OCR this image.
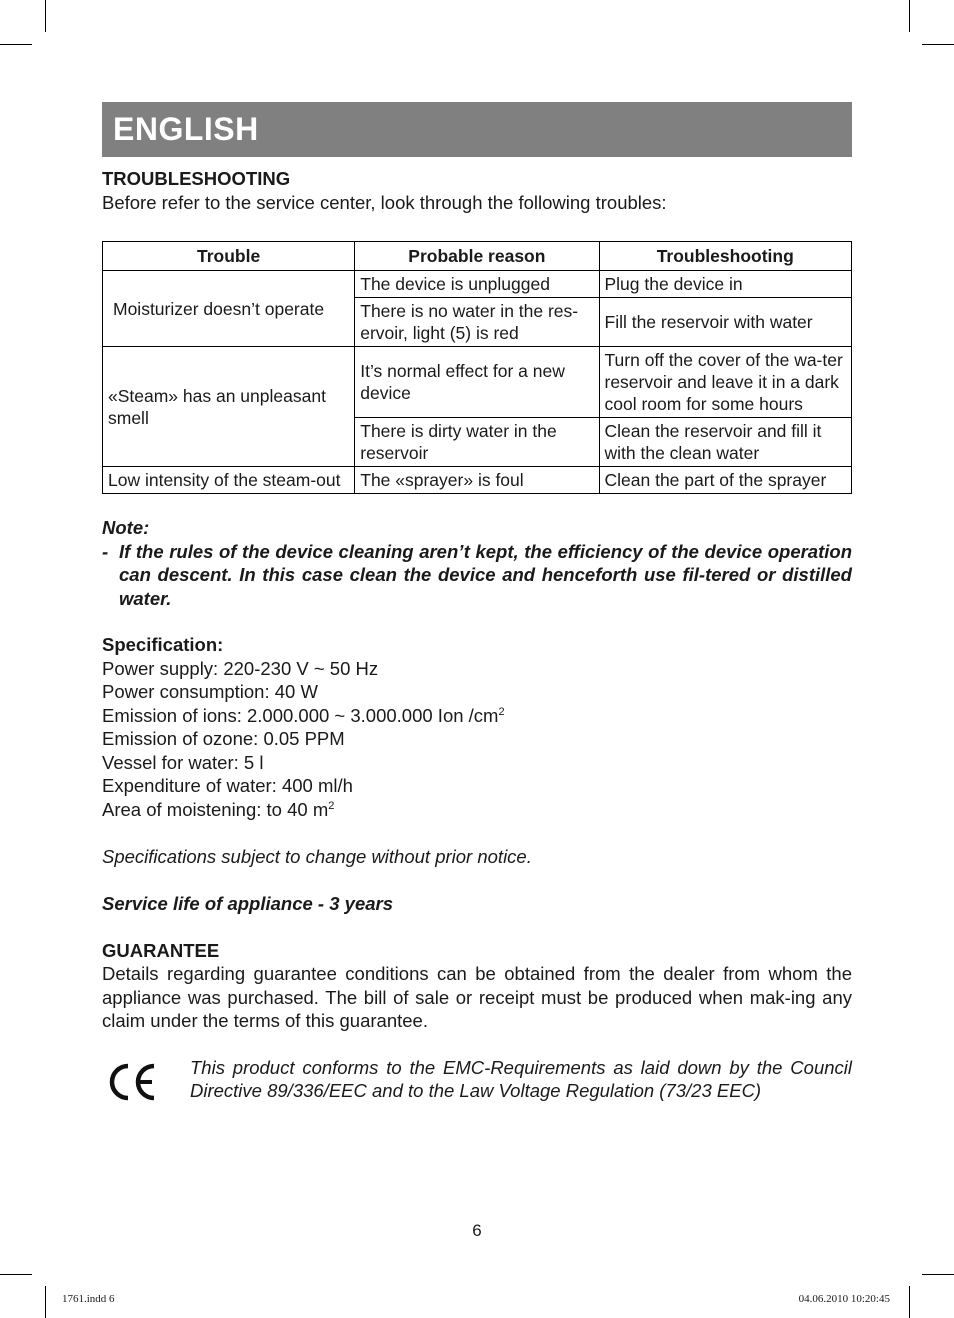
ENGLISH

TROUBLESHOOTING

Before refer to the service center, look through the following troubles:

Trouble	Probable reason	Troubleshooting
Moisturizer doesn’t operate	The device is unplugged	Plug the device in
	There is no water in the res-ervoir, light (5) is red	Fill the reservoir with water
«Steam» has an unpleasant smell	It’s normal effect for a new device	Turn off the cover of the wa-ter reservoir and leave it in a dark cool room for some hours
	There is dirty water in the reservoir	Clean the reservoir and fill it with the clean water
Low intensity of the steam-out	The «sprayer» is foul	Clean the part of the sprayer

Note:

- If the rules of the device cleaning aren’t kept, the efficiency of the device operation can descent. In this case clean the device and henceforth use fil-tered or distilled water.

Specification:

Power supply: 220-230 V ~ 50 Hz

Power consumption: 40 W

Emission of ions: 2.000.000 ~ 3.000.000 Ion $/cm^2$

Emission of ozone: 0.05 PPM

Vessel for water: 5 l

Expenditure of water: 400 ml/h

Area of moistening: to 40 $m^2$

Specifications subject to change without prior notice.

Service life of appliance - 3 years

GUARANTEE

Details regarding guarantee conditions can be obtained from the dealer from whom the appliance was purchased. The bill of sale or receipt must be produced when mak-ing any claim under the terms of this guarantee.

This product conforms to the EMC-Requirements as laid down by the Council Directive 89/336/EEC and to the Law Voltage Regulation (73/23 EEC)

6
1761.indd 6	04.06.2010 10:20:45
